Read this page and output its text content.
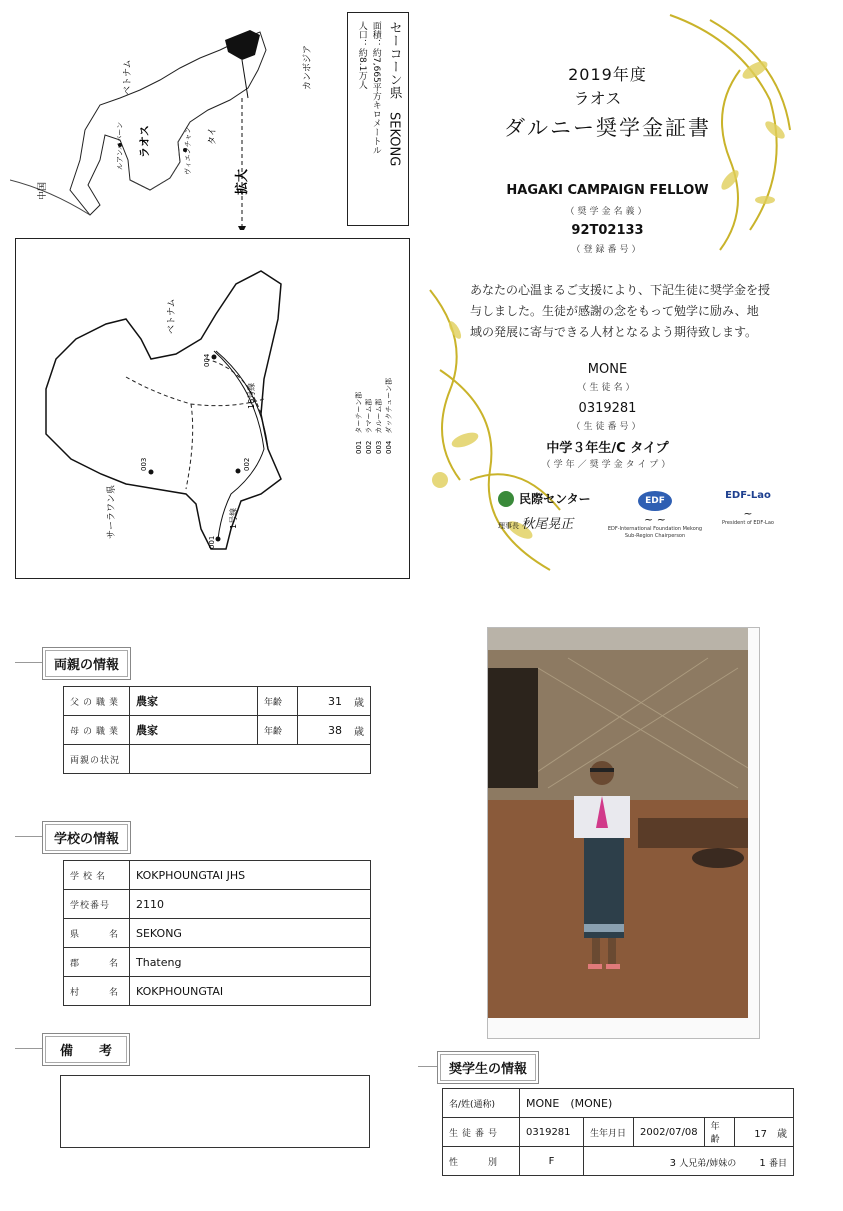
ベトナム
ラオス	タイ
中国
カンボジア
ルアンパバーン	ヴィエンチャン
拡大
セーコーン県　SEKONG
面積：約7,665平方キロメートル
人口：約8.1万人
004
002
003
001
ベトナム
サーラワン県
16号線
1号線
001　ターテーン郡 002　ラマーム郡 003　カルーム郡 004　ダックチューン郡
2019年度
ラオス
ダルニー奨学金証書
HAGAKI CAMPAIGN FELLOW
（奨学金名義）
92T02133
（登録番号）
あなたの心温まるご支援により、下記生徒に奨学金を授与しました。生徒が感謝の念をもって勉学に励み、地域の発展に寄与できる人材となるよう期待致します。
MONE
（生徒名）
0319281
（生徒番号）
中学３年生/C タイプ
（学年／奨学金タイプ）
民際センター
理事長 秋尾晃正
EDF
~ ~
EDF-International Foundation Mekong Sub-Region Chairperson
EDF-Lao
~
President of EDF-Lao
両親の情報
父の職業	農家	年齢	31	歳
母の職業	農家	年齢	38	歳
両親の状況				
学校の情報
学校名	KOKPHOUNGTAI JHS
学校番号	2110
県　　名	SEKONG
郡　　名	Thateng
村　　名	KOKPHOUNGTAI
備　　考
奨学生の情報
名/姓(通称)	MONE　(MONE)				
生徒番号	0319281	生年月日	2002/07/08	年齢	17　 歳
性　　別	F	3 人兄弟/姉妹の 　　 1 番目			
